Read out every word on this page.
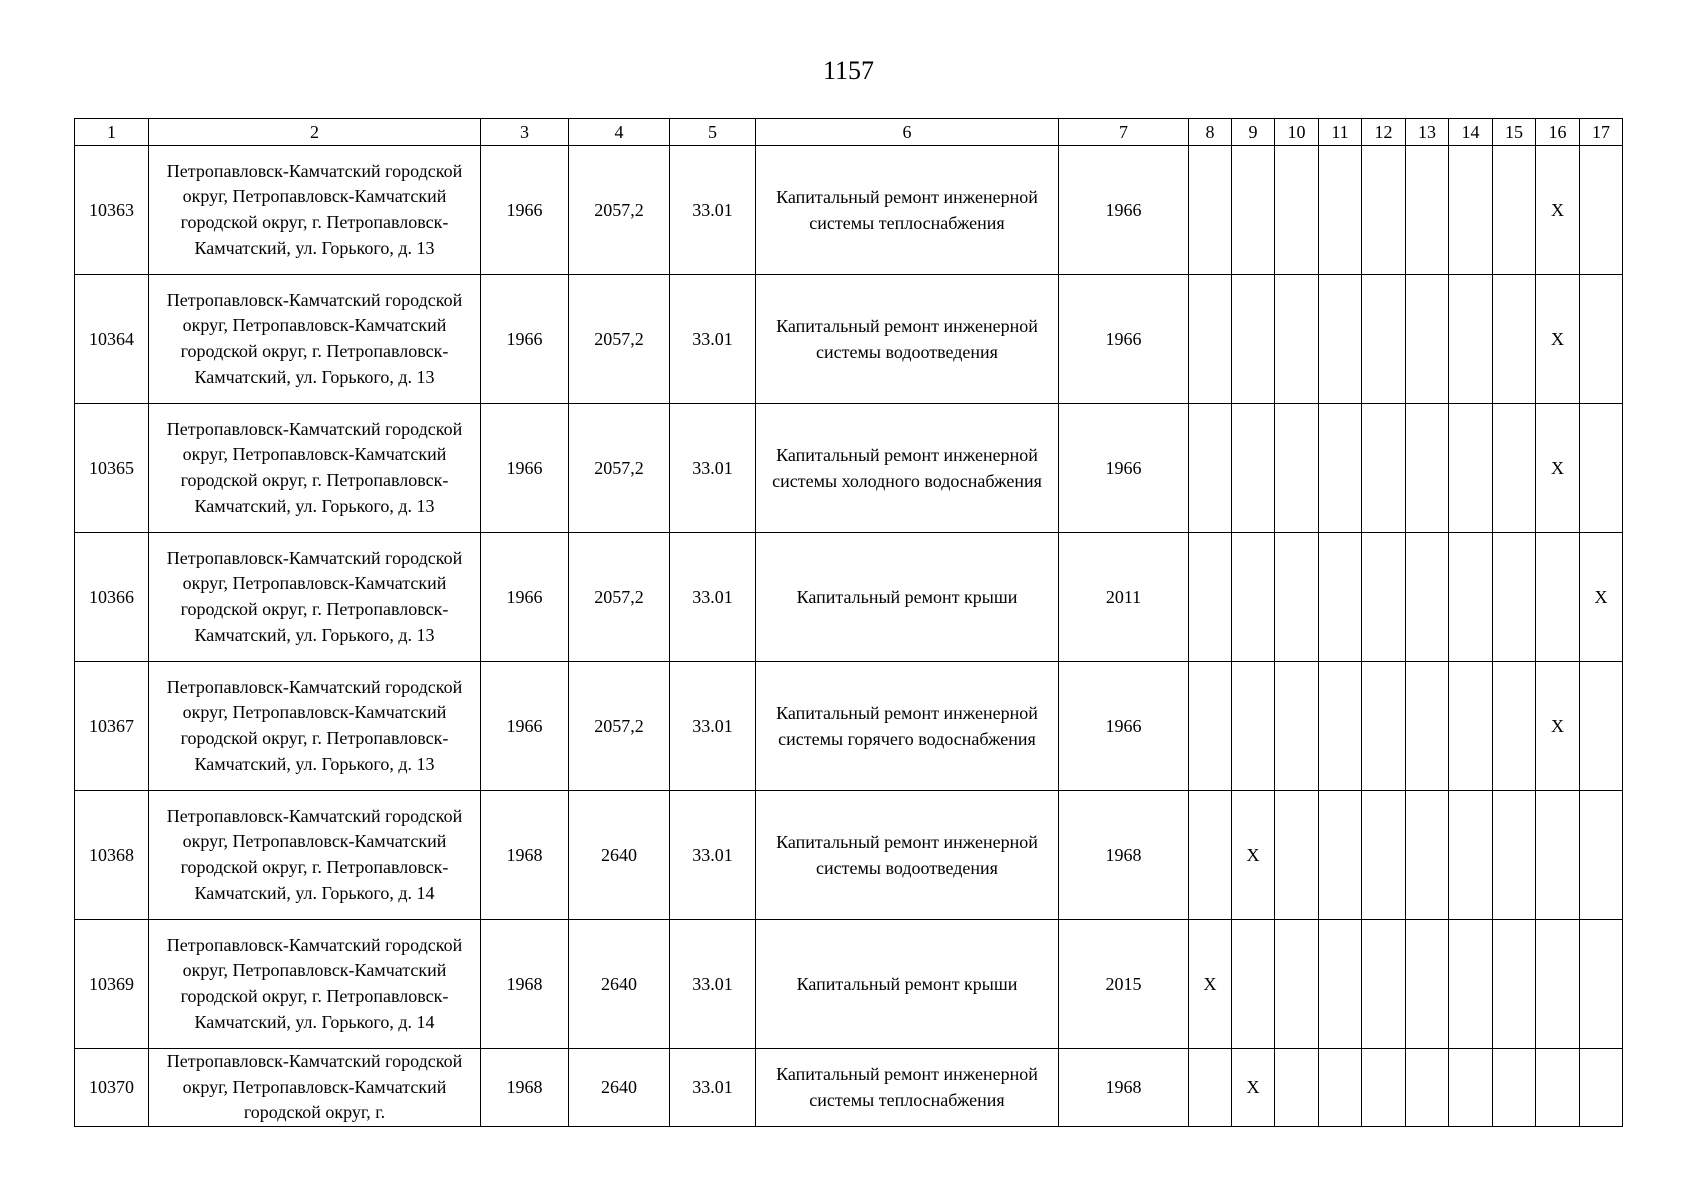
1157
1	2	3	4	5	6	7	8	9	10	11	12	13	14	15	16	17
10363	Петропавловск-Камчатский городской округ, Петропавловск-Камчатский городской округ, г. Петропавловск-Камчатский, ул. Горького, д. 13	1966	2057,2	33.01	Капитальный ремонт инженерной системы теплоснабжения	1966									X	
10364	Петропавловск-Камчатский городской округ, Петропавловск-Камчатский городской округ, г. Петропавловск-Камчатский, ул. Горького, д. 13	1966	2057,2	33.01	Капитальный ремонт инженерной системы водоотведения	1966									X	
10365	Петропавловск-Камчатский городской округ, Петропавловск-Камчатский городской округ, г. Петропавловск-Камчатский, ул. Горького, д. 13	1966	2057,2	33.01	Капитальный ремонт инженерной системы холодного водоснабжения	1966									X	
10366	Петропавловск-Камчатский городской округ, Петропавловск-Камчатский городской округ, г. Петропавловск-Камчатский, ул. Горького, д. 13	1966	2057,2	33.01	Капитальный ремонт крыши	2011										X
10367	Петропавловск-Камчатский городской округ, Петропавловск-Камчатский городской округ, г. Петропавловск-Камчатский, ул. Горького, д. 13	1966	2057,2	33.01	Капитальный ремонт инженерной системы горячего водоснабжения	1966									X	
10368	Петропавловск-Камчатский городской округ, Петропавловск-Камчатский городской округ, г. Петропавловск-Камчатский, ул. Горького, д. 14	1968	2640	33.01	Капитальный ремонт инженерной системы водоотведения	1968		X								
10369	Петропавловск-Камчатский городской округ, Петропавловск-Камчатский городской округ, г. Петропавловск-Камчатский, ул. Горького, д. 14	1968	2640	33.01	Капитальный ремонт крыши	2015	X									
10370	Петропавловск-Камчатский городской округ, Петропавловск-Камчатский городской округ, г.	1968	2640	33.01	Капитальный ремонт инженерной системы теплоснабжения	1968		X								
